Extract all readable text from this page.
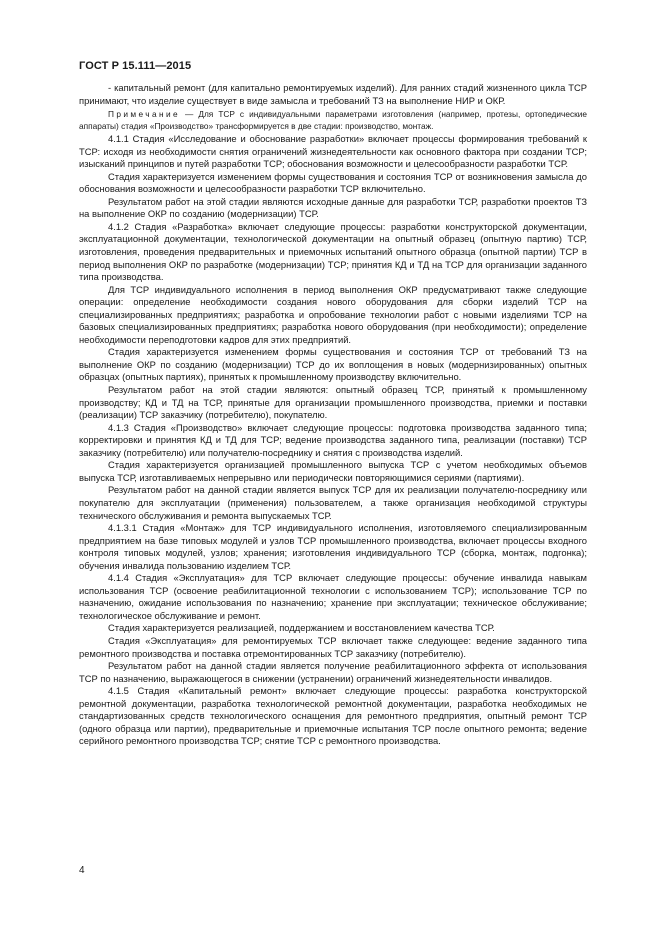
ГОСТ Р 15.111—2015

- капитальный ремонт (для капитально ремонтируемых изделий). Для ранних стадий жизненного цикла ТСР принимают, что изделие существует в виде замысла и требований ТЗ на выполнение НИР и ОКР.

Примечание — Для ТСР с индивидуальными параметрами изготовления (например, протезы, ортопедические аппараты) стадия «Производство» трансформируется в две стадии: производство, монтаж.

4.1.1 Стадия «Исследование и обоснование разработки» включает процессы формирования требований к ТСР: исходя из необходимости снятия ограничений жизнедеятельности как основного фактора при создании ТСР; изысканий принципов и путей разработки ТСР; обоснования возможности и целесообразности разработки ТСР.

Стадия характеризуется изменением формы существования и состояния ТСР от возникновения замысла до обоснования возможности и целесообразности разработки ТСР включительно.

Результатом работ на этой стадии являются исходные данные для разработки ТСР, разработки проектов ТЗ на выполнение ОКР по созданию (модернизации) ТСР.

4.1.2 Стадия «Разработка» включает следующие процессы: разработки конструкторской документации, эксплуатационной документации, технологической документации на опытный образец (опытную партию) ТСР, изготовления, проведения предварительных и приемочных испытаний опытного образца (опытной партии) ТСР в период выполнения ОКР по разработке (модернизации) ТСР; принятия КД и ТД на ТСР для организации заданного типа производства.

Для ТСР индивидуального исполнения в период выполнения ОКР предусматривают также следующие операции: определение необходимости создания нового оборудования для сборки изделий ТСР на специализированных предприятиях; разработка и опробование технологии работ с новыми изделиями ТСР на базовых специализированных предприятиях; разработка нового оборудования (при необходимости); определение необходимости переподготовки кадров для этих предприятий.

Стадия характеризуется изменением формы существования и состояния ТСР от требований ТЗ на выполнение ОКР по созданию (модернизации) ТСР до их воплощения в новых (модернизированных) опытных образцах (опытных партиях), принятых к промышленному производству включительно.

Результатом работ на этой стадии являются: опытный образец ТСР, принятый к промышленному производству; КД и ТД на ТСР, принятые для организации промышленного производства, приемки и поставки (реализации) ТСР заказчику (потребителю), покупателю.

4.1.3 Стадия «Производство» включает следующие процессы: подготовка производства заданного типа; корректировки и принятия КД и ТД для ТСР; ведение производства заданного типа, реализации (поставки) ТСР заказчику (потребителю) или получателю-посреднику и снятия с производства изделий.

Стадия характеризуется организацией промышленного выпуска ТСР с учетом необходимых объемов выпуска ТСР, изготавливаемых непрерывно или периодически повторяющимися сериями (партиями).

Результатом работ на данной стадии является выпуск ТСР для их реализации получателю-посреднику или покупателю для эксплуатации (применения) пользователем, а также организация необходимой структуры технического обслуживания и ремонта выпускаемых ТСР.

4.1.3.1 Стадия «Монтаж» для ТСР индивидуального исполнения, изготовляемого специализированным предприятием на базе типовых модулей и узлов ТСР промышленного производства, включает процессы входного контроля типовых модулей, узлов; хранения; изготовления индивидуального ТСР (сборка, монтаж, подгонка); обучения инвалида пользованию изделием ТСР.

4.1.4 Стадия «Эксплуатация» для ТСР включает следующие процессы: обучение инвалида навыкам использования ТСР (освоение реабилитационной технологии с использованием ТСР); использование ТСР по назначению, ожидание использования по назначению; хранение при эксплуатации; техническое обслуживание; технологическое обслуживание и ремонт.

Стадия характеризуется реализацией, поддержанием и восстановлением качества ТСР.

Стадия «Эксплуатация» для ремонтируемых ТСР включает также следующее: ведение заданного типа ремонтного производства и поставка отремонтированных ТСР заказчику (потребителю).

Результатом работ на данной стадии является получение реабилитационного эффекта от использования ТСР по назначению, выражающегося в снижении (устранении) ограничений жизнедеятельности инвалидов.

4.1.5 Стадия «Капитальный ремонт» включает следующие процессы: разработка конструкторской ремонтной документации, разработка технологической ремонтной документации, разработка необходимых не стандартизованных средств технологического оснащения для ремонтного предприятия, опытный ремонт ТСР (одного образца или партии), предварительные и приемочные испытания ТСР после опытного ремонта; ведение серийного ремонтного производства ТСР; снятие ТСР с ремонтного производства.

4
